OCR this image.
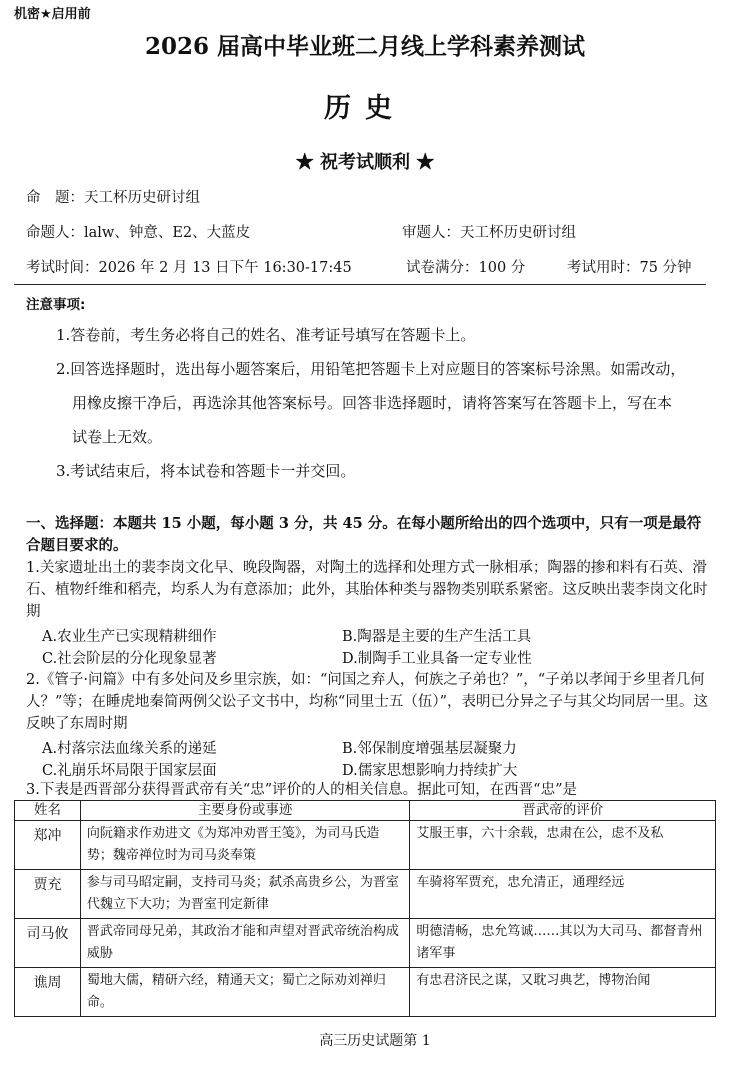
机密★启用前
2026 届高中毕业班二月线上学科素养测试
历史
★ 祝考试顺利 ★
命　题：天工杯历史研讨组
命题人：lalw、钟意、E2、大蓝皮	审题人：天工杯历史研讨组
考试时间：2026 年 2 月 13 日下午 16:30-17:45	试卷满分：100 分	考试用时：75 分钟
注意事项:
1.答卷前，考生务必将自己的姓名、准考证号填写在答题卡上。
2.回答选择题时，选出每小题答案后，用铅笔把答题卡上对应题目的答案标号涂黑。如需改动，
用橡皮擦干净后，再选涂其他答案标号。回答非选择题时，请将答案写在答题卡上，写在本
试卷上无效。
3.考试结束后，将本试卷和答题卡一并交回。
一、选择题：本题共 15 小题，每小题 3 分，共 45 分。在每小题所给出的四个选项中，只有一项是最符合题目要求的。
1.关家遗址出土的裴李岗文化早、晚段陶器，对陶土的选择和处理方式一脉相承；陶器的掺和料有石英、滑石、植物纤维和稻壳，均系人为有意添加；此外，其胎体种类与器物类别联系紧密。这反映出裴李岗文化时期
A.农业生产已实现精耕细作	B.陶器是主要的生产生活工具
C.社会阶层的分化现象显著	D.制陶手工业具备一定专业性
2.《管子·问篇》中有多处问及乡里宗族，如：“问国之弃人，何族之子弟也？”，“子弟以孝闻于乡里者几何人？”等；在睡虎地秦简两例父讼子文书中，均称“同里士五（伍）”，表明已分异之子与其父均同居一里。这反映了东周时期
A.村落宗法血缘关系的递延	B.邻保制度增强基层凝聚力
C.礼崩乐坏局限于国家层面	D.儒家思想影响力持续扩大
3.下表是西晋部分获得晋武帝有关“忠”评价的人的相关信息。据此可知，在西晋“忠”是
姓名	主要身份或事迹	晋武帝的评价
郑冲	向阮籍求作劝进文《为郑冲劝晋王笺》，为司马氏造势；魏帝禅位时为司马炎奉策	艾服王事，六十余载，忠肃在公，虑不及私
贾充	参与司马昭定嗣，支持司马炎；弑杀高贵乡公，为晋室代魏立下大功；为晋室刊定新律	车骑将军贾充，忠允清正，通理经远
司马攸	晋武帝同母兄弟，其政治才能和声望对晋武帝统治构成威胁	明德清畅，忠允笃诚……其以为大司马、都督青州诸军事
谯周	蜀地大儒，精研六经，精通天文；蜀亡之际劝刘禅归命。	有忠君济民之谋，又耽习典艺，博物治闻
高三历史试题第 1
